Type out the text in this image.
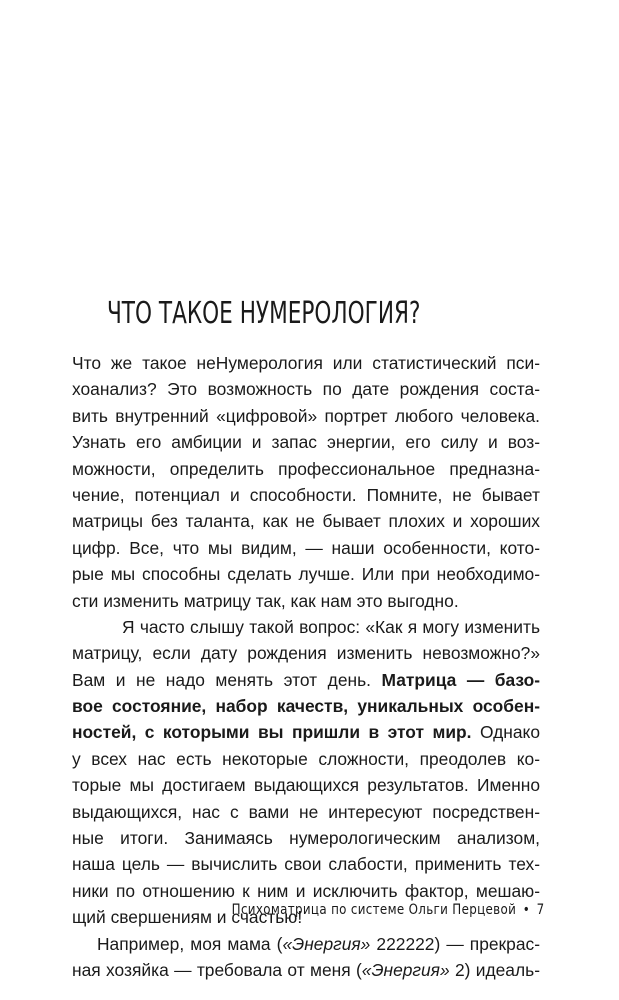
ЧТО ТАКОЕ НУМЕРОЛОГИЯ?
Что же такое неНумерология или статистический пси-
хоанализ? Это возможность по дате рождения соста-
вить внутренний «цифровой» портрет любого человека.
Узнать его амбиции и запас энергии, его силу и воз-
можности, определить профессиональное предназна-
чение, потенциал и способности. Помните, не бывает
матрицы без таланта, как не бывает плохих и хороших
цифр. Все, что мы видим, — наши особенности, кото-
рые мы способны сделать лучше. Или при необходимо-
сти изменить матрицу так, как нам это выгодно.
Я часто слышу такой вопрос: «Как я могу изменить
матрицу, если дату рождения изменить невозможно?»
Вам и не надо менять этот день. Матрица — базо-
вое состояние, набор качеств, уникальных особен-
ностей, с которыми вы пришли в этот мир. Однако
у всех нас есть некоторые сложности, преодолев ко-
торые мы достигаем выдающихся результатов. Именно
выдающихся, нас с вами не интересуют посредствен-
ные итоги. Занимаясь нумерологическим анализом,
наша цель — вычислить свои слабости, применить тех-
ники по отношению к ним и исключить фактор, мешаю-
щий свершениям и счастью!
Например, моя мама («Энергия» 222222) — прекрас-
ная хозяйка — требовала от меня («Энергия» 2) идеаль-
Психоматрица по системе Ольги Перцевой • 7
